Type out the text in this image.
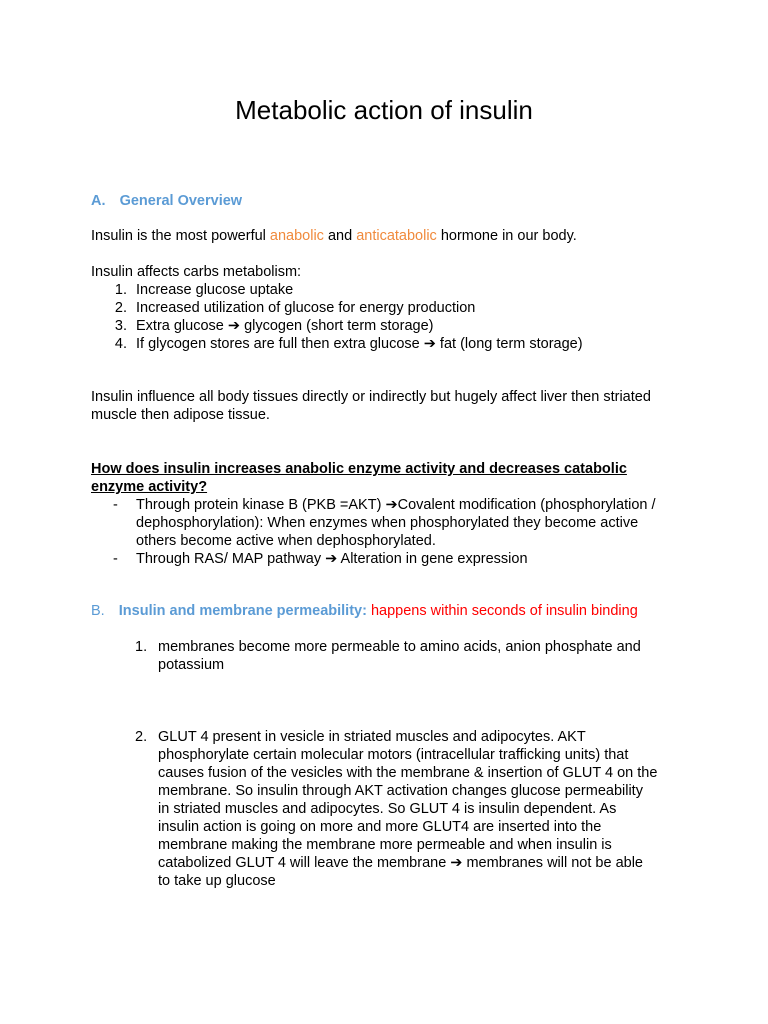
Metabolic action of insulin
A. General Overview
Insulin is the most powerful anabolic and anticatabolic hormone in our body.
Insulin affects carbs metabolism:
1. Increase glucose uptake
2. Increased utilization of glucose for energy production
3. Extra glucose ➔ glycogen (short term storage)
4. If glycogen stores are full then extra glucose ➔ fat (long term storage)
Insulin influence all body tissues directly or indirectly but hugely affect liver then striated
muscle then adipose tissue.
How does insulin increases anabolic enzyme activity and decreases catabolic
enzyme activity?
- Through protein kinase B (PKB =AKT) ➔Covalent modification (phosphorylation /
dephosphorylation): When enzymes when phosphorylated they become active
others become active when dephosphorylated.
- Through RAS/ MAP pathway ➔ Alteration in gene expression
B. Insulin and membrane permeability: happens within seconds of insulin binding
1. membranes become more permeable to amino acids, anion phosphate and
potassium
2. GLUT 4 present in vesicle in striated muscles and adipocytes. AKT
phosphorylate certain molecular motors (intracellular trafficking units) that
causes fusion of the vesicles with the membrane & insertion of GLUT 4 on the
membrane. So insulin through AKT activation changes glucose permeability
in striated muscles and adipocytes. So GLUT 4 is insulin dependent. As
insulin action is going on more and more GLUT4 are inserted into the
membrane making the membrane more permeable and when insulin is
catabolized GLUT 4 will leave the membrane ➔ membranes will not be able
to take up glucose
